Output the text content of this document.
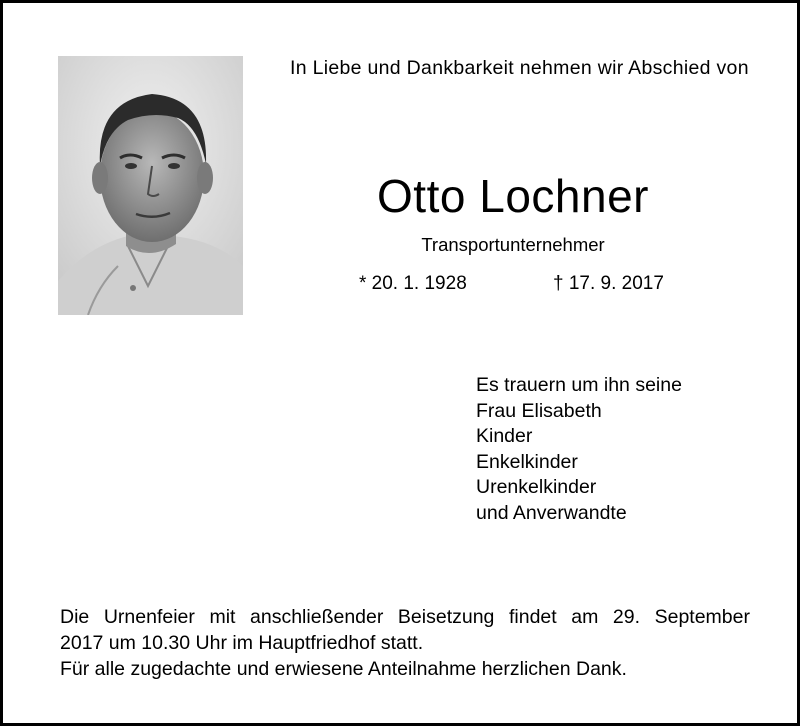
In Liebe und Dankbarkeit nehmen wir Abschied von
Otto Lochner
Transportunternehmer
* 20. 1. 1928	† 17. 9. 2017
Es trauern um ihn seine
Frau Elisabeth
Kinder
Enkelkinder
Urenkelkinder
und Anverwandte
Die Urnenfeier mit anschließender Beisetzung findet am 29. September
2017 um 10.30 Uhr im Hauptfriedhof statt.
Für alle zugedachte und erwiesene Anteilnahme herzlichen Dank.
